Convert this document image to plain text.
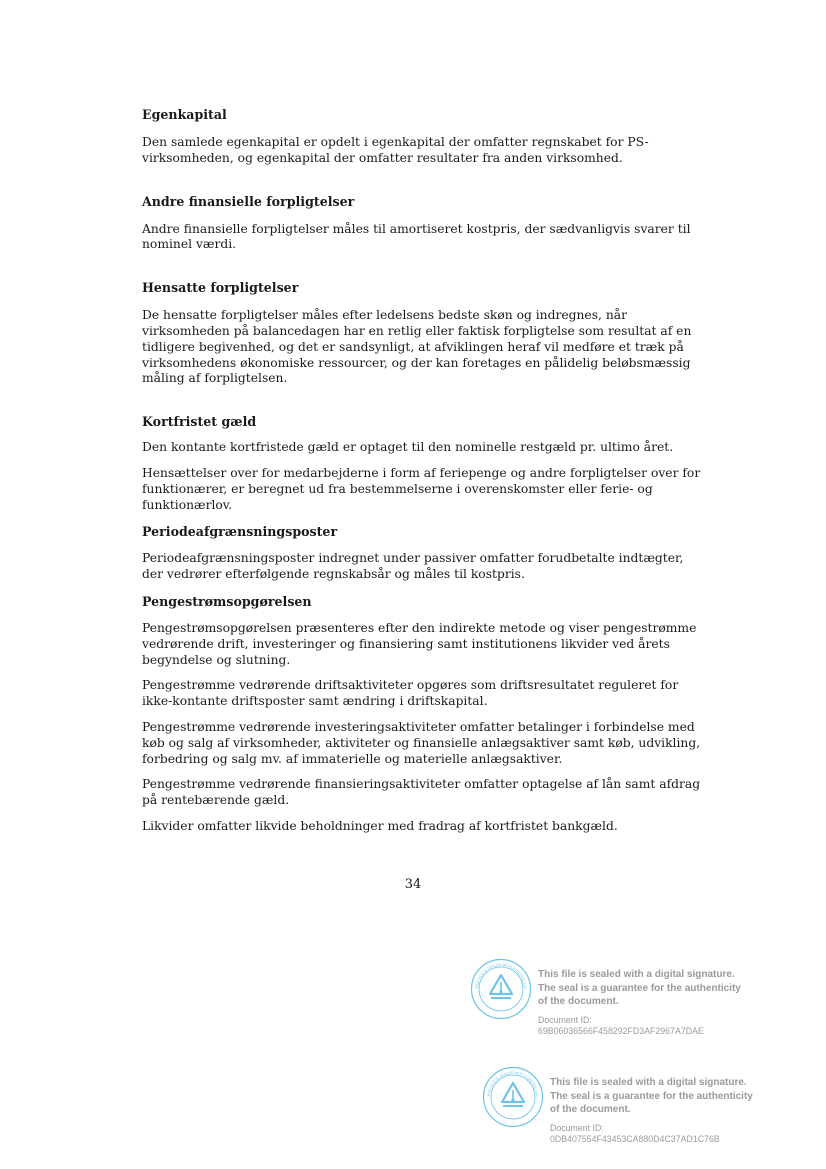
Egenkapital

Den samlede egenkapital er opdelt i egenkapital der omfatter regnskabet for PS-virksomheden, og egenkapital der omfatter resultater fra anden virksomhed.

Andre finansielle forpligtelser

Andre finansielle forpligtelser måles til amortiseret kostpris, der sædvanligvis svarer til nominel værdi.

Hensatte forpligtelser

De hensatte forpligtelser måles efter ledelsens bedste skøn og indregnes, når virksomheden på balancedagen har en retlig eller faktisk forpligtelse som resultat af en tidligere begivenhed, og det er sandsynligt, at afviklingen heraf vil medføre et træk på virksomhedens økonomiske ressourcer, og der kan foretages en pålidelig beløbsmæssig måling af forpligtelsen.

Kortfristet gæld

Den kontante kortfristede gæld er optaget til den nominelle restgæld pr. ultimo året.

Hensættelser over for medarbejderne i form af feriepenge og andre forpligtelser over for funktionærer, er beregnet ud fra bestemmelserne i overenskomster eller ferie- og funktionærlov.

Periodeafgrænsningsposter

Periodeafgrænsningsposter indregnet under passiver omfatter forudbetalte indtægter, der vedrører efterfølgende regnskabsår og måles til kostpris.

Pengestrømsopgørelsen

Pengestrømsopgørelsen præsenteres efter den indirekte metode og viser pengestrømme vedrørende drift, investeringer og finansiering samt institutionens likvider ved årets begyndelse og slutning.

Pengestrømme vedrørende driftsaktiviteter opgøres som driftsresultatet reguleret for ikke-kontante driftsposter samt ændring i driftskapital.

Pengestrømme vedrørende investeringsaktiviteter omfatter betalinger i forbindelse med køb og salg af virksomheder, aktiviteter og finansielle anlægsaktiver samt køb, udvikling, forbedring og salg mv. af immaterielle og materielle anlægsaktiver.

Pengestrømme vedrørende finansieringsaktiviteter omfatter optagelse af lån samt afdrag på rentebærende gæld.

Likvider omfatter likvide beholdninger med fradrag af kortfristet bankgæld.

34
THIS FILE IS SEALED WITH A DIGITAL SIG
This file is sealed with a digital signature.
The seal is a guarantee for the authenticity
of the document.
Document ID:
69B06036566F458292FD3AF2967A7DAE
THIS FILE IS SEALED WITH A DIGITAL SIG
This file is sealed with a digital signature.
The seal is a guarantee for the authenticity
of the document.
Document ID:
0DB407554F43453CA880D4C37AD1C76B
